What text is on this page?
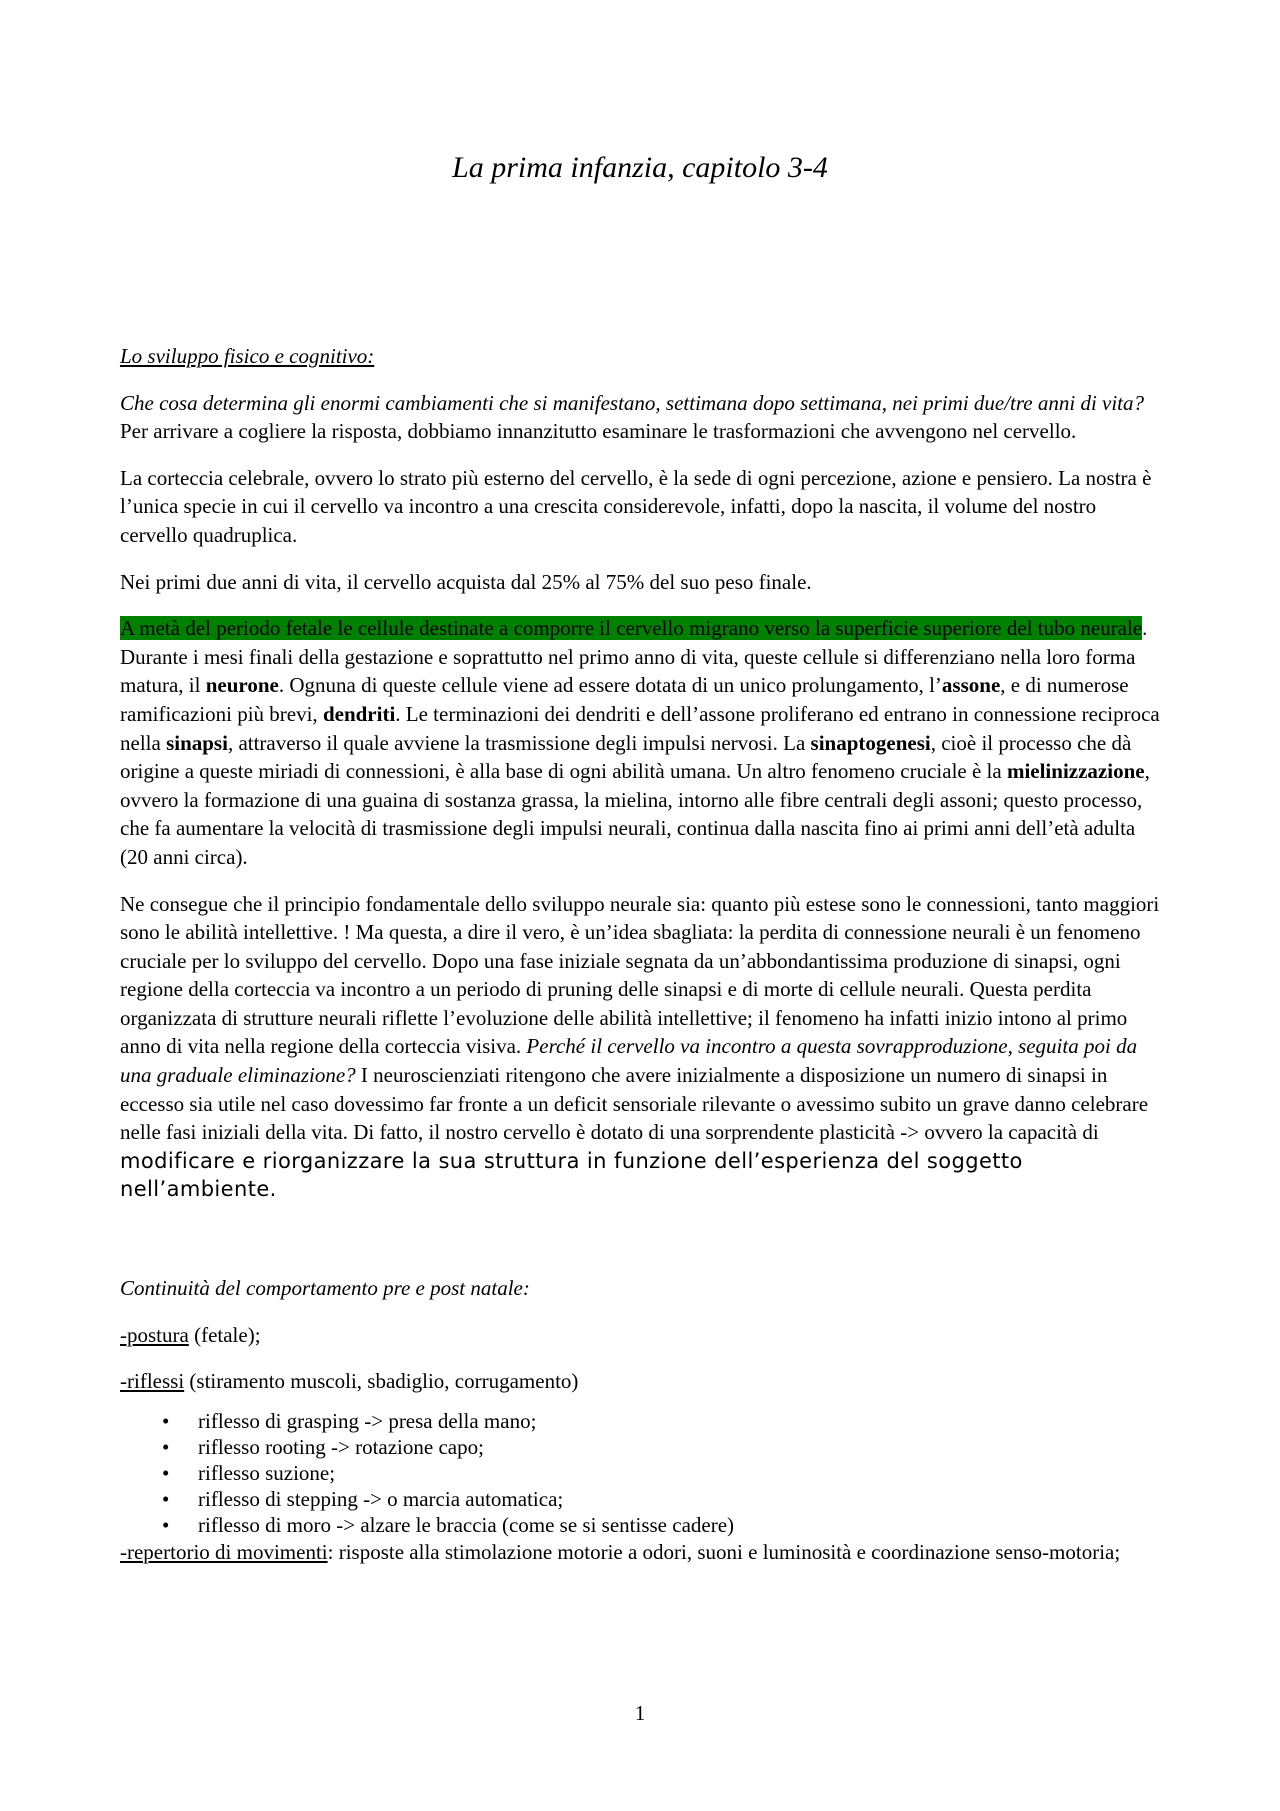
La prima infanzia, capitolo 3-4

Lo sviluppo fisico e cognitivo:

Che cosa determina gli enormi cambiamenti che si manifestano, settimana dopo settimana, nei primi due/tre anni di vita? Per arrivare a cogliere la risposta, dobbiamo innanzitutto esaminare le trasformazioni che avvengono nel cervello.

La corteccia celebrale, ovvero lo strato più esterno del cervello, è la sede di ogni percezione, azione e pensiero. La nostra è l’unica specie in cui il cervello va incontro a una crescita considerevole, infatti, dopo la nascita, il volume del nostro cervello quadruplica.

Nei primi due anni di vita, il cervello acquista dal 25% al 75% del suo peso finale.

A metà del periodo fetale le cellule destinate a comporre il cervello migrano verso la superficie superiore del tubo neurale. Durante i mesi finali della gestazione e soprattutto nel primo anno di vita, queste cellule si differenziano nella loro forma matura, il neurone. Ognuna di queste cellule viene ad essere dotata di un unico prolungamento, l’assone, e di numerose ramificazioni più brevi, dendriti. Le terminazioni dei dendriti e dell’assone proliferano ed entrano in connessione reciproca nella sinapsi, attraverso il quale avviene la trasmissione degli impulsi nervosi. La sinaptogenesi, cioè il processo che dà origine a queste miriadi di connessioni, è alla base di ogni abilità umana. Un altro fenomeno cruciale è la mielinizzazione, ovvero la formazione di una guaina di sostanza grassa, la mielina, intorno alle fibre centrali degli assoni; questo processo, che fa aumentare la velocità di trasmissione degli impulsi neurali, continua dalla nascita fino ai primi anni dell’età adulta (20 anni circa).

Ne consegue che il principio fondamentale dello sviluppo neurale sia: quanto più estese sono le connessioni, tanto maggiori sono le abilità intellettive. ! Ma questa, a dire il vero, è un’idea sbagliata: la perdita di connessione neurali è un fenomeno cruciale per lo sviluppo del cervello. Dopo una fase iniziale segnata da un’abbondantissima produzione di sinapsi, ogni regione della corteccia va incontro a un periodo di pruning delle sinapsi e di morte di cellule neurali. Questa perdita organizzata di strutture neurali riflette l’evoluzione delle abilità intellettive; il fenomeno ha infatti inizio intono al primo anno di vita nella regione della corteccia visiva. Perché il cervello va incontro a questa sovrapproduzione, seguita poi da una graduale eliminazione? I neuroscienziati ritengono che avere inizialmente a disposizione un numero di sinapsi in eccesso sia utile nel caso dovessimo far fronte a un deficit sensoriale rilevante o avessimo subito un grave danno celebrare nelle fasi iniziali della vita. Di fatto, il nostro cervello è dotato di una sorprendente plasticità -> ovvero la capacità di modificare e riorganizzare la sua struttura in funzione dell’esperienza del soggetto nell’ambiente.

Continuità del comportamento pre e post natale:

-postura (fetale);

-riflessi (stiramento muscoli, sbadiglio, corrugamento)

• riflesso di grasping -> presa della mano;
• riflesso rooting -> rotazione capo;
• riflesso suzione;
• riflesso di stepping -> o marcia automatica;
• riflesso di moro -> alzare le braccia (come se si sentisse cadere)

-repertorio di movimenti: risposte alla stimolazione motorie a odori, suoni e luminosità e coordinazione senso-motoria;

1
